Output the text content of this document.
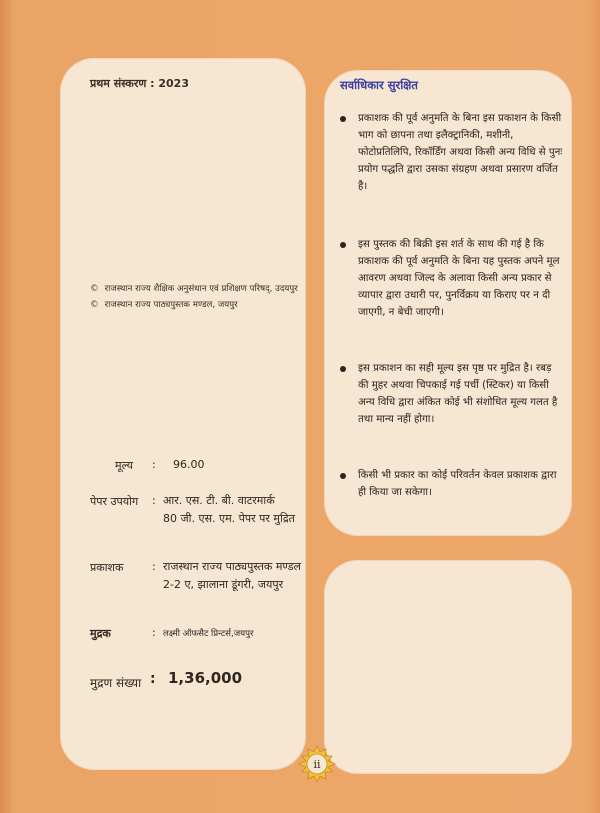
प्रथम संस्करण : 2023
© राजस्थान राज्य शैक्षिक अनुसंधान एवं प्रशिक्षण परिषद्, उदयपुर
© राजस्थान राज्य पाठ्यपुस्तक मण्डल, जयपुर
मूल्य : 96.00
पेपर उपयोग : आर. एस. टी. बी. वाटरमार्क
80 जी. एस. एम. पेपर पर मुद्रित
प्रकाशक	: राजस्थान राज्य पाठ्यपुस्तक मण्डल
2-2 ए, झालाना डूंगरी, जयपुर
मुद्रक	: लक्ष्मी ऑफसैट प्रिन्टर्स,जयपुर
मुद्रण संख्या : 1,36,000
सर्वाधिकार सुरक्षित
प्रकाशक की पूर्व अनुमति के बिना इस प्रकाशन के किसी भाग को छापना तथा इलैक्ट्रानिकी, मशीनी, फोटोप्रतिलिपि, रिकॉर्डिंग अथवा किसी अन्य विधि से पुनः प्रयोग पद्धति द्वारा उसका संग्रहण अथवा प्रसारण वर्जित है।
इस पुस्तक की बिक्री इस शर्त के साथ की गई है कि प्रकाशक की पूर्व अनुमति के बिना यह पुस्तक अपने मूल आवरण अथवा जिल्द के अलावा किसी अन्य प्रकार से व्यापार द्वारा उधारी पर, पुनर्विक्रय या किराए पर न दी जाएगी, न बेची जाएगी।
इस प्रकाशन का सही मूल्य इस पृष्ठ पर मुद्रित है। रबड़ की मुहर अथवा चिपकाई गई पर्ची (स्टिकर) या किसी अन्य विधि द्वारा अंकित कोई भी संशोधित मूल्य गलत है तथा मान्य नहीं होगा।
किसी भी प्रकार का कोई परिवर्तन केवल प्रकाशक द्वारा ही किया जा सकेगा।
ii
